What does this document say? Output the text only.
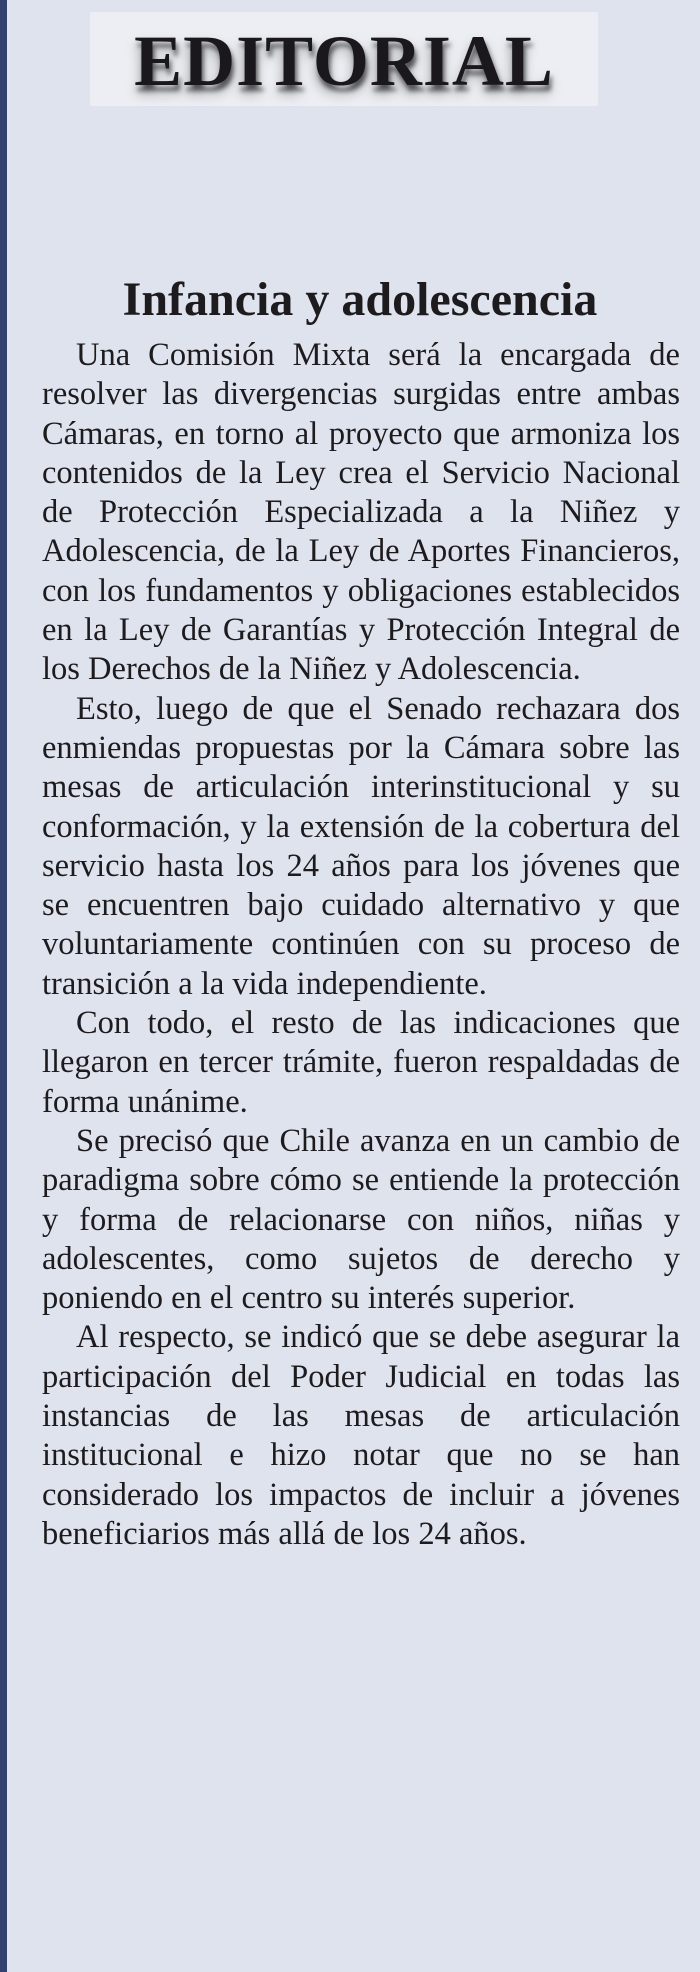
EDITORIAL
Infancia y adolescencia

Una Comisión Mixta será la encargada de resolver las divergencias surgidas entre ambas Cámaras, en torno al proyecto que armoniza los contenidos de la Ley crea el Servicio Nacional de Protección Especializada a la Niñez y Adolescencia, de la Ley de Aportes Financieros, con los fundamentos y obligaciones establecidos en la Ley de Garantías y Protección Integral de los Derechos de la Niñez y Adolescencia.

Esto, luego de que el Senado rechazara dos enmiendas propuestas por la Cámara sobre las mesas de articulación interinstitucional y su conformación, y la extensión de la cobertura del servicio hasta los 24 años para los jóvenes que se encuentren bajo cuidado alternativo y que voluntariamente continúen con su proceso de transición a la vida independiente.

Con todo, el resto de las indicaciones que llegaron en tercer trámite, fueron respaldadas de forma unánime.

Se precisó que Chile avanza en un cambio de paradigma sobre cómo se entiende la protección y forma de relacionarse con niños, niñas y adolescentes, como sujetos de derecho y poniendo en el centro su interés superior.

Al respecto, se indicó que se debe asegurar la participación del Poder Judicial en todas las instancias de las mesas de articulación institucional e hizo notar que no se han considerado los impactos de incluir a jóvenes beneficiarios más allá de los 24 años.
